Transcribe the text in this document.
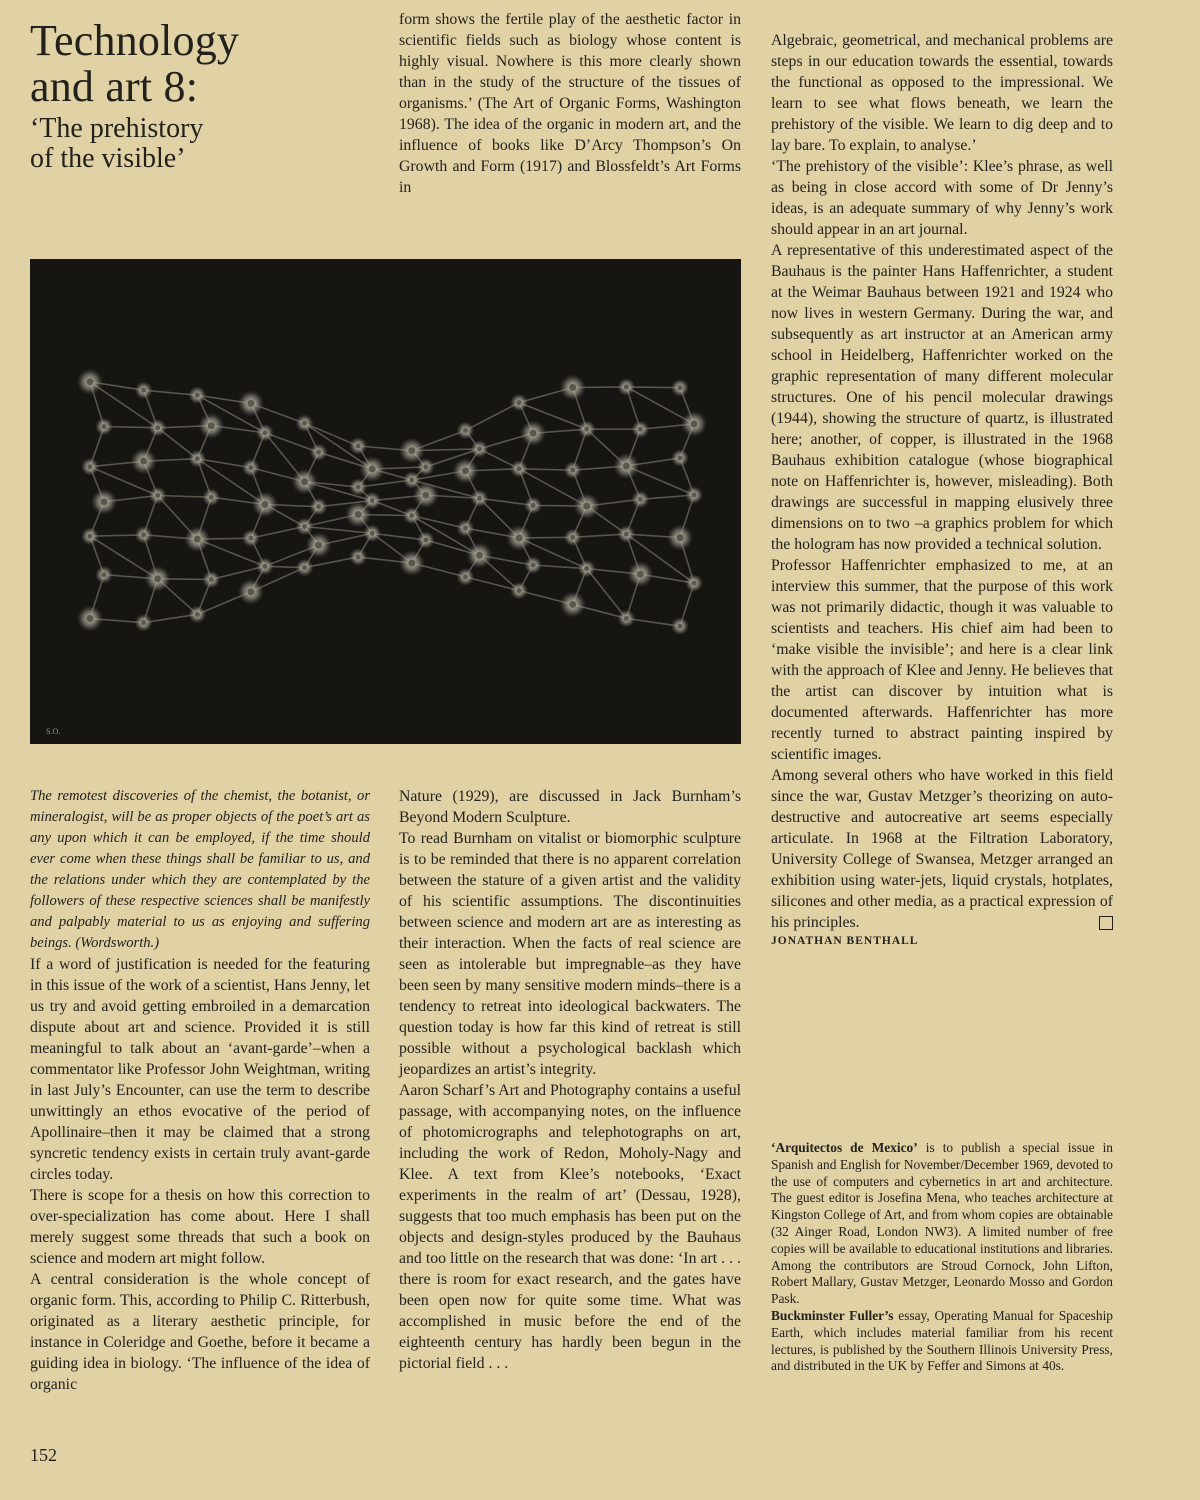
Technology
and art 8:
‘The prehistory
of the visible’

form shows the fertile play of the aesthetic factor in scientific fields such as biology whose content is highly visual. Nowhere is this more clearly shown than in the study of the structure of the tissues of organisms.’ (The Art of Organic Forms, Washington 1968). The idea of the organic in modern art, and the influence of books like D’Arcy Thompson’s On Growth and Form (1917) and Blossfeldt’s Art Forms in

S.O.

The remotest discoveries of the chemist, the botanist, or mineralogist, will be as proper objects of the poet’s art as any upon which it can be employed, if the time should ever come when these things shall be familiar to us, and the relations under which they are contemplated by the followers of these respective sciences shall be manifestly and palpably material to us as enjoying and suffering beings. (Wordsworth.)

If a word of justification is needed for the featuring in this issue of the work of a scientist, Hans Jenny, let us try and avoid getting embroiled in a demarcation dispute about art and science. Provided it is still meaningful to talk about an ‘avant-garde’–when a commentator like Professor John Weightman, writing in last July’s Encounter, can use the term to describe unwittingly an ethos evocative of the period of Apollinaire–then it may be claimed that a strong syncretic tendency exists in certain truly avant-garde circles today.

There is scope for a thesis on how this correction to over-specialization has come about. Here I shall merely suggest some threads that such a book on science and modern art might follow.

A central consideration is the whole concept of organic form. This, according to Philip C. Ritterbush, originated as a literary aesthetic principle, for instance in Coleridge and Goethe, before it became a guiding idea in biology. ‘The influence of the idea of organic

Nature (1929), are discussed in Jack Burnham’s Beyond Modern Sculpture.

To read Burnham on vitalist or biomorphic sculpture is to be reminded that there is no apparent correlation between the stature of a given artist and the validity of his scientific assumptions. The discontinuities between science and modern art are as interesting as their interaction. When the facts of real science are seen as intolerable but impregnable–as they have been seen by many sensitive modern minds–there is a tendency to retreat into ideological backwaters. The question today is how far this kind of retreat is still possible without a psychological backlash which jeopardizes an artist’s integrity.

Aaron Scharf’s Art and Photography contains a useful passage, with accompanying notes, on the influence of photomicrographs and telephotographs on art, including the work of Redon, Moholy-Nagy and Klee. A text from Klee’s notebooks, ‘Exact experiments in the realm of art’ (Dessau, 1928), suggests that too much emphasis has been put on the objects and design-styles produced by the Bauhaus and too little on the research that was done: ‘In art . . . there is room for exact research, and the gates have been open now for quite some time. What was accomplished in music before the end of the eighteenth century has hardly been begun in the pictorial field . . .

Algebraic, geometrical, and mechanical problems are steps in our education towards the essential, towards the functional as opposed to the impressional. We learn to see what flows beneath, we learn the prehistory of the visible. We learn to dig deep and to lay bare. To explain, to analyse.’

‘The prehistory of the visible’: Klee’s phrase, as well as being in close accord with some of Dr Jenny’s ideas, is an adequate summary of why Jenny’s work should appear in an art journal.

A representative of this underestimated aspect of the Bauhaus is the painter Hans Haffenrichter, a student at the Weimar Bauhaus between 1921 and 1924 who now lives in western Germany. During the war, and subsequently as art instructor at an American army school in Heidelberg, Haffenrichter worked on the graphic representation of many different molecular structures. One of his pencil molecular drawings (1944), showing the structure of quartz, is illustrated here; another, of copper, is illustrated in the 1968 Bauhaus exhibition catalogue (whose biographical note on Haffenrichter is, however, misleading). Both drawings are successful in mapping elusively three dimensions on to two –a graphics problem for which the hologram has now provided a technical solution.

Professor Haffenrichter emphasized to me, at an interview this summer, that the purpose of this work was not primarily didactic, though it was valuable to scientists and teachers. His chief aim had been to ‘make visible the invisible’; and here is a clear link with the approach of Klee and Jenny. He believes that the artist can discover by intuition what is documented afterwards. Haffenrichter has more recently turned to abstract painting inspired by scientific images.

Among several others who have worked in this field since the war, Gustav Metzger’s theorizing on auto-destructive and autocreative art seems especially articulate. In 1968 at the Filtration Laboratory, University College of Swansea, Metzger arranged an exhibition using water-jets, liquid crystals, hotplates, silicones and other media, as a practical expression of his principles.

JONATHAN BENTHALL

‘Arquitectos de Mexico’ is to publish a special issue in Spanish and English for November/December 1969, devoted to the use of computers and cybernetics in art and architecture. The guest editor is Josefina Mena, who teaches architecture at Kingston College of Art, and from whom copies are obtainable (32 Ainger Road, London NW3). A limited number of free copies will be available to educational institutions and libraries. Among the contributors are Stroud Cornock, John Lifton, Robert Mallary, Gustav Metzger, Leonardo Mosso and Gordon Pask.

Buckminster Fuller’s essay, Operating Manual for Spaceship Earth, which includes material familiar from his recent lectures, is published by the Southern Illinois University Press, and distributed in the UK by Feffer and Simons at 40s.

152
